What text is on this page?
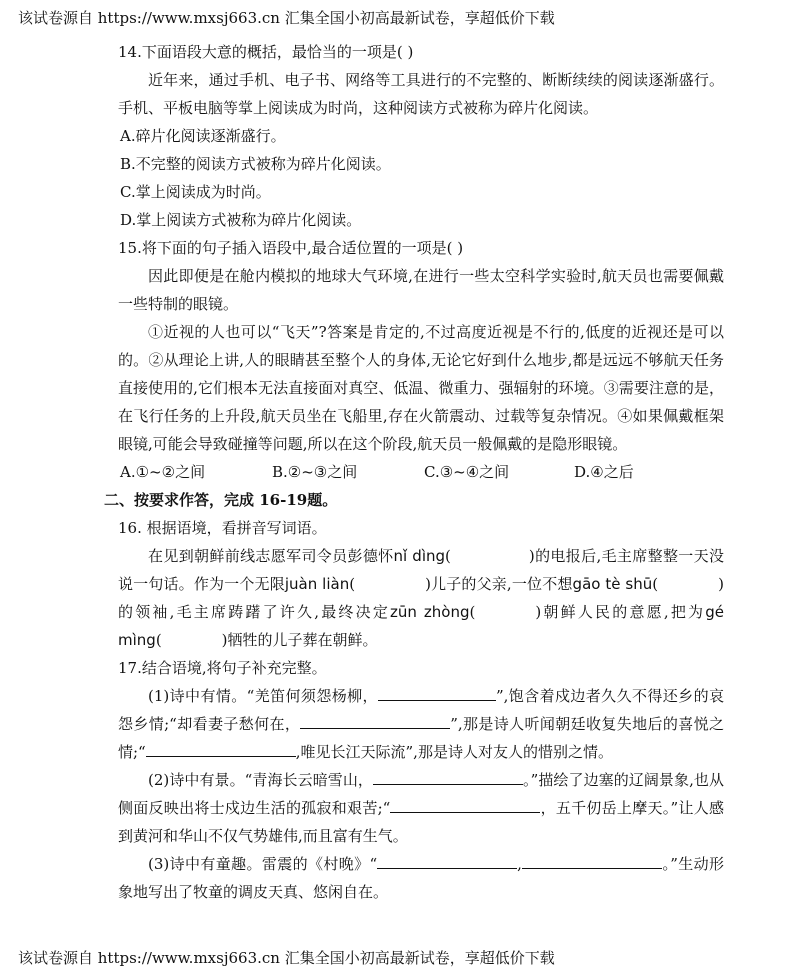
该试卷源自 https://www.mxsj663.cn 汇集全国小初高最新试卷，享超低价下载
14.下面语段大意的概括，最恰当的一项是( )
近年来，通过手机、电子书、网络等工具进行的不完整的、断断续续的阅读逐渐盛行。手机、平板电脑等掌上阅读成为时尚，这种阅读方式被称为碎片化阅读。
A.碎片化阅读逐渐盛行。
B.不完整的阅读方式被称为碎片化阅读。
C.掌上阅读成为时尚。
D.掌上阅读方式被称为碎片化阅读。
15.将下面的句子插入语段中,最合适位置的一项是( )
因此即便是在舱内模拟的地球大气环境,在进行一些太空科学实验时,航天员也需要佩戴一些特制的眼镜。
①近视的人也可以“飞天”?答案是肯定的,不过高度近视是不行的,低度的近视还是可以的。②从理论上讲,人的眼睛甚至整个人的身体,无论它好到什么地步,都是远远不够航天任务直接使用的,它们根本无法直接面对真空、低温、微重力、强辐射的环境。③需要注意的是，在飞行任务的上升段,航天员坐在飞船里,存在火箭震动、过载等复杂情况。④如果佩戴框架眼镜,可能会导致碰撞等问题,所以在这个阶段,航天员一般佩戴的是隐形眼镜。
A.①~②之间	B.②~③之间	C.③~④之间	D.④之后
二、按要求作答，完成 16-19题。
16. 根据语境，看拼音写词语。
在见到朝鲜前线志愿军司令员彭德怀nǐ dìng(	)的电报后,毛主席整整一天没说一句话。作为一个无限juàn liàn(	)儿子的父亲,一位不想gāo tè shū(	)的领袖,毛主席踌躇了许久,最终决定zūn zhòng(	)朝鲜人民的意愿,把为gé mìng(	)牺牲的儿子葬在朝鲜。
17.结合语境,将句子补充完整。
(1)诗中有情。“羌笛何须怨杨柳，	”,饱含着戍边者久久不得还乡的哀怨乡情;“却看妻子愁何在，	”,那是诗人听闻朝廷收复失地后的喜悦之情;“	,唯见长江天际流”,那是诗人对友人的惜别之情。
(2)诗中有景。“青海长云暗雪山，	。”描绘了边塞的辽阔景象,也从侧面反映出将士戍边生活的孤寂和艰苦;“	，五千仞岳上摩天。”让人感到黄河和华山不仅气势雄伟,而且富有生气。
(3)诗中有童趣。雷震的《村晚》“	,	。”生动形象地写出了牧童的调皮天真、悠闲自在。
该试卷源自 https://www.mxsj663.cn 汇集全国小初高最新试卷，享超低价下载
